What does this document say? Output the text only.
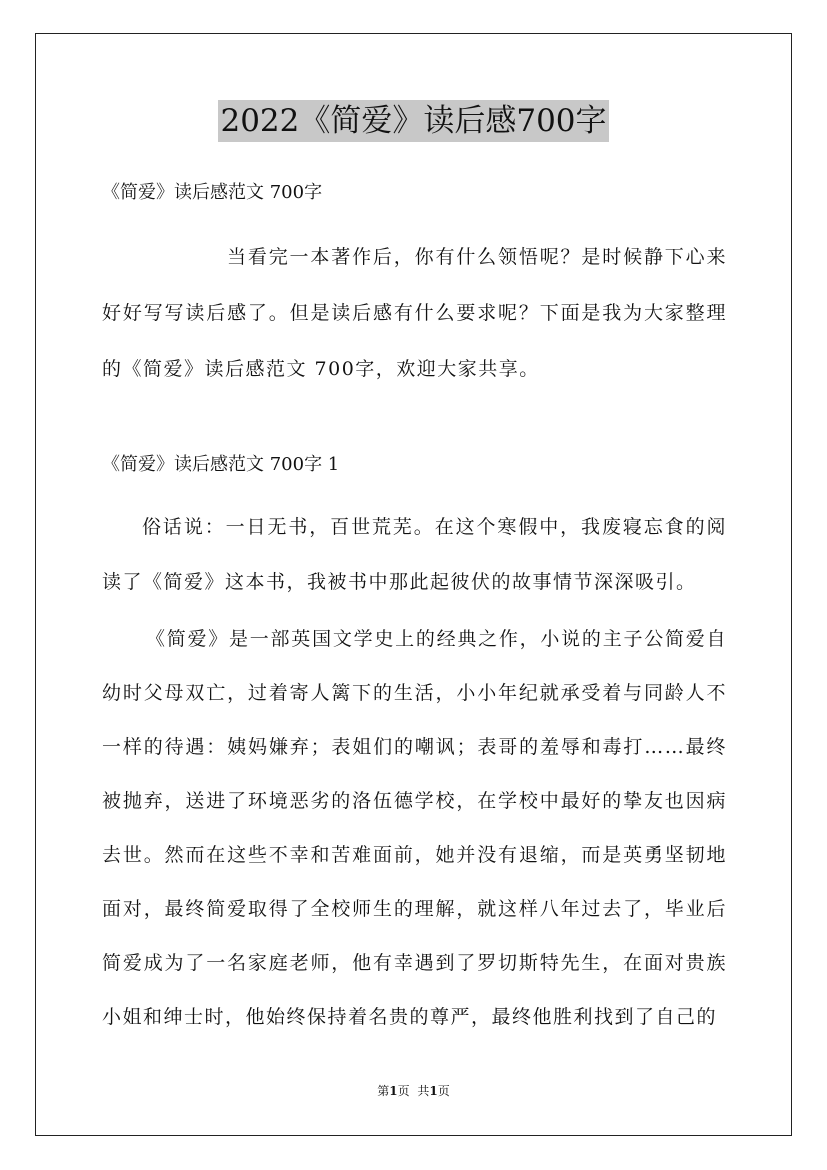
2022《简爱》读后感700字
《简爱》读后感范文 700字

当看完一本著作后，你有什么领悟呢？是时候静下心来好好写写读后感了。但是读后感有什么要求呢？下面是我为大家整理的《简爱》读后感范文 700字，欢迎大家共享。

《简爱》读后感范文 700字 1

俗话说：一日无书，百世荒芜。在这个寒假中，我废寝忘食的阅读了《简爱》这本书，我被书中那此起彼伏的故事情节深深吸引。

《简爱》是一部英国文学史上的经典之作，小说的主子公简爱自幼时父母双亡，过着寄人篱下的生活，小小年纪就承受着与同龄人不一样的待遇：姨妈嫌弃；表姐们的嘲讽；表哥的羞辱和毒打……最终被抛弃，送进了环境恶劣的洛伍德学校，在学校中最好的挚友也因病去世。然而在这些不幸和苦难面前，她并没有退缩，而是英勇坚韧地面对，最终简爱取得了全校师生的理解，就这样八年过去了，毕业后简爱成为了一名家庭老师，他有幸遇到了罗切斯特先生，在面对贵族小姐和绅士时，他始终保持着名贵的尊严，最终他胜利找到了自己的

第1页 共1页
